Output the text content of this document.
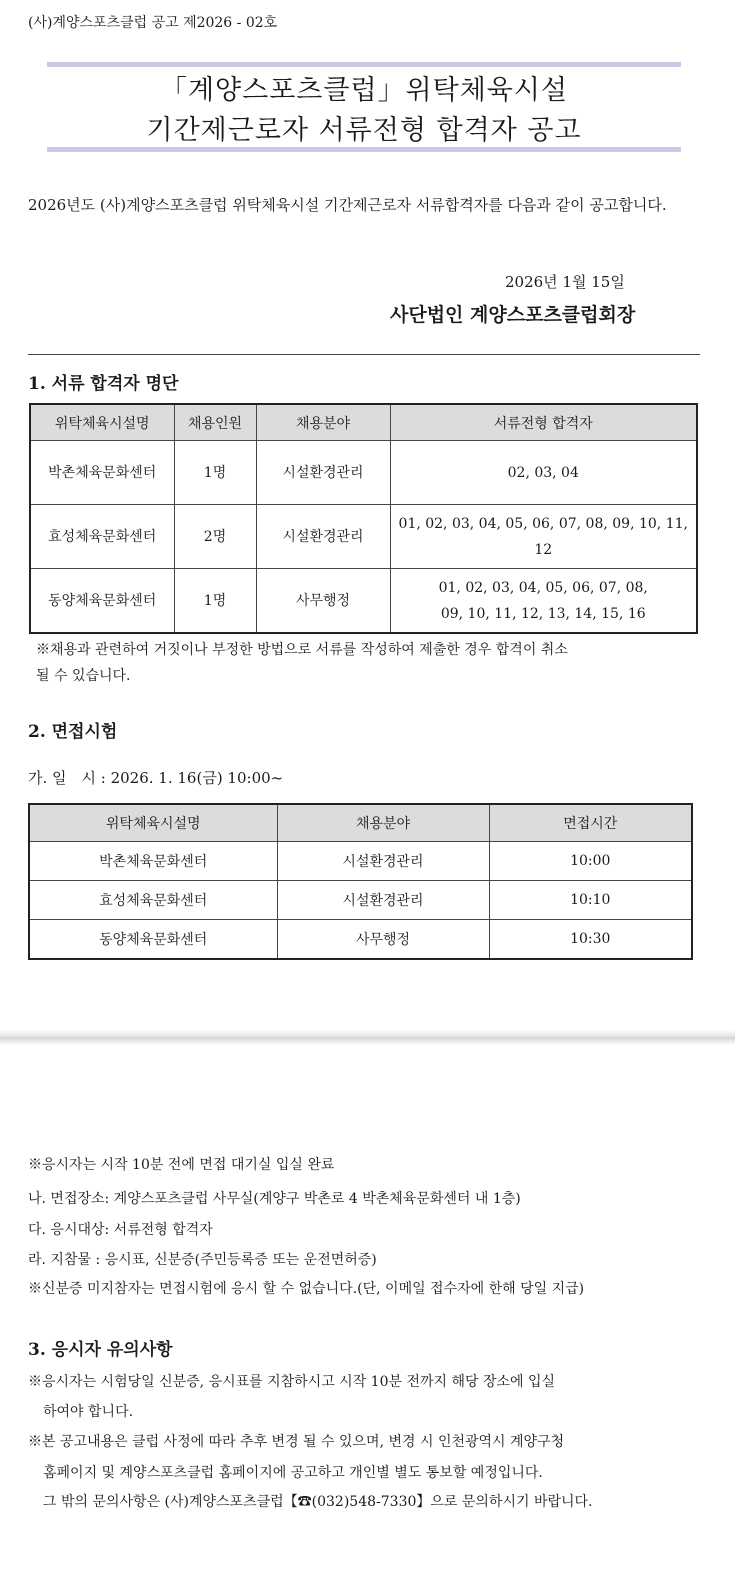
(사)계양스포츠클럽 공고 제2026 - 02호
「계양스포츠클럽」위탁체육시설
기간제근로자 서류전형 합격자 공고
2026년도 (사)계양스포츠클럽 위탁체육시설 기간제근로자 서류합격자를 다음과 같이 공고합니다.
2026년 1월 15일
사단법인 계양스포츠클럽회장
1. 서류 합격자 명단
위탁체육시설명	채용인원	채용분야	서류전형 합격자
박촌체육문화센터	1명	시설환경관리	02, 03, 04

효성체육문화센터	2명	시설환경관리	01, 02, 03, 04, 05, 06, 07, 08, 09, 10, 11, 12

동양체육문화센터	1명	사무행정	01, 02, 03, 04, 05, 06, 07, 08,
09, 10, 11, 12, 13, 14, 15, 16
※채용과 관련하여 거짓이나 부정한 방법으로 서류를 작성하여 제출한 경우 합격이 취소
될 수 있습니다.
2. 면접시험
가. 일　시 : 2026. 1. 16(금) 10:00~
위탁체육시설명	채용분야	면접시간
박촌체육문화센터	시설환경관리	10:00
효성체육문화센터	시설환경관리	10:10
동양체육문화센터	사무행정	10:30
※응시자는 시작 10분 전에 면접 대기실 입실 완료
나. 면접장소: 계양스포츠클럽 사무실(계양구 박촌로 4 박촌체육문화센터 내 1층)
다. 응시대상: 서류전형 합격자
라. 지참물 : 응시표, 신분증(주민등록증 또는 운전면허증)
※신분증 미지참자는 면접시험에 응시 할 수 없습니다.(단, 이메일 접수자에 한해 당일 지급)
3. 응시자 유의사항
※응시자는 시험당일 신분증, 응시표를 지참하시고 시작 10분 전까지 해당 장소에 입실
하여야 합니다.
※본 공고내용은 클럽 사정에 따라 추후 변경 될 수 있으며, 변경 시 인천광역시 계양구청
홈페이지 및 계양스포츠클럽 홈페이지에 공고하고 개인별 별도 통보할 예정입니다.
그 밖의 문의사항은 (사)계양스포츠클럽【☎(032)548-7330】으로 문의하시기 바랍니다.
